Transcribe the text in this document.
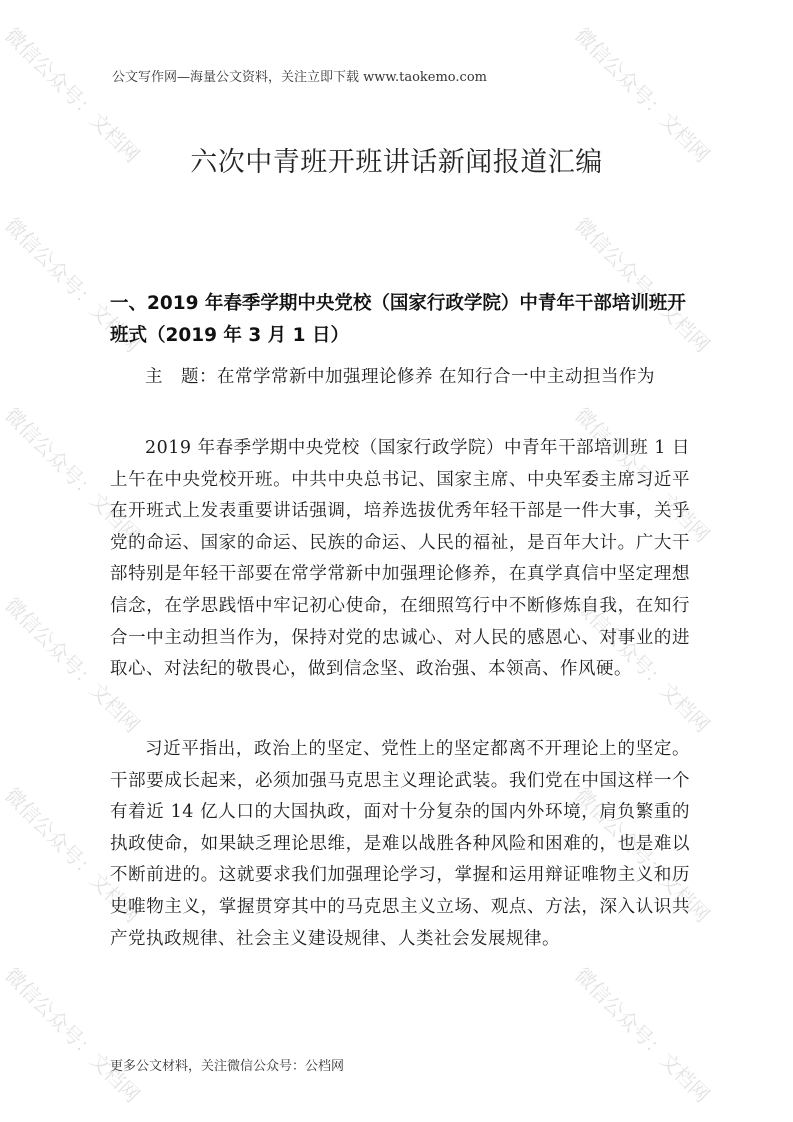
微信公众号：文档网	微信公众号：文档网
微信公众号：文档网	微信公众号：文档网
微信公众号：文档网	微信公众号：文档网
微信公众号：文档网	微信公众号：文档网
微信公众号：文档网	微信公众号：文档网
微信公众号：文档网	微信公众号：文档网
公文写作网—海量公文资料，关注立即下载 www.taokemo.com
六次中青班开班讲话新闻报道汇编
一、2019 年春季学期中央党校（国家行政学院）中青年干部培训班开班式（2019 年 3 月 1 日）
主　题：在常学常新中加强理论修养 在知行合一中主动担当作为
2019 年春季学期中央党校（国家行政学院）中青年干部培训班 1 日上午在中央党校开班。中共中央总书记、国家主席、中央军委主席习近平在开班式上发表重要讲话强调，培养选拔优秀年轻干部是一件大事，关乎党的命运、国家的命运、民族的命运、人民的福祉，是百年大计。广大干部特别是年轻干部要在常学常新中加强理论修养，在真学真信中坚定理想信念，在学思践悟中牢记初心使命，在细照笃行中不断修炼自我，在知行合一中主动担当作为，保持对党的忠诚心、对人民的感恩心、对事业的进取心、对法纪的敬畏心，做到信念坚、政治强、本领高、作风硬。
习近平指出，政治上的坚定、党性上的坚定都离不开理论上的坚定。干部要成长起来，必须加强马克思主义理论武装。我们党在中国这样一个有着近 14 亿人口的大国执政，面对十分复杂的国内外环境，肩负繁重的执政使命，如果缺乏理论思维，是难以战胜各种风险和困难的，也是难以不断前进的。这就要求我们加强理论学习，掌握和运用辩证唯物主义和历史唯物主义，掌握贯穿其中的马克思主义立场、观点、方法，深入认识共产党执政规律、社会主义建设规律、人类社会发展规律。
更多公文材料，关注微信公众号：公档网
